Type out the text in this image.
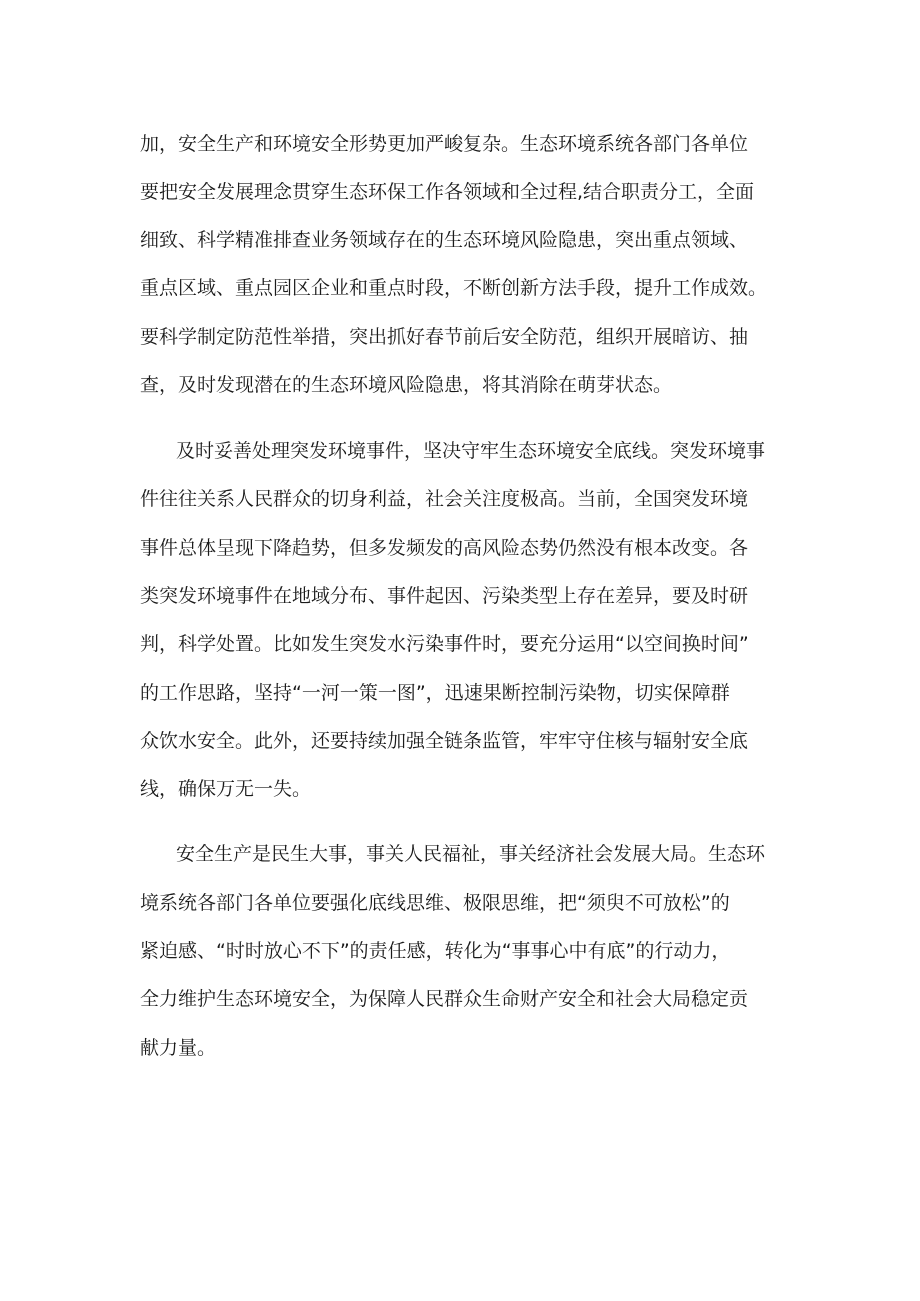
加，安全生产和环境安全形势更加严峻复杂。生态环境系统各部门各单位

要把安全发展理念贯穿生态环保工作各领域和全过程,结合职责分工，全面

细致、科学精准排查业务领域存在的生态环境风险隐患，突出重点领域、

重点区域、重点园区企业和重点时段，不断创新方法手段，提升工作成效。

要科学制定防范性举措，突出抓好春节前后安全防范，组织开展暗访、抽

查，及时发现潜在的生态环境风险隐患，将其消除在萌芽状态。

及时妥善处理突发环境事件，坚决守牢生态环境安全底线。突发环境事

件往往关系人民群众的切身利益，社会关注度极高。当前，全国突发环境

事件总体呈现下降趋势，但多发频发的高风险态势仍然没有根本改变。各

类突发环境事件在地域分布、事件起因、污染类型上存在差异，要及时研

判，科学处置。比如发生突发水污染事件时，要充分运用“以空间换时间”

的工作思路，坚持“一河一策一图”，迅速果断控制污染物，切实保障群

众饮水安全。此外，还要持续加强全链条监管，牢牢守住核与辐射安全底

线，确保万无一失。

安全生产是民生大事，事关人民福祉，事关经济社会发展大局。生态环

境系统各部门各单位要强化底线思维、极限思维，把“须臾不可放松”的

紧迫感、“时时放心不下”的责任感，转化为“事事心中有底”的行动力，

全力维护生态环境安全，为保障人民群众生命财产安全和社会大局稳定贡

献力量。
